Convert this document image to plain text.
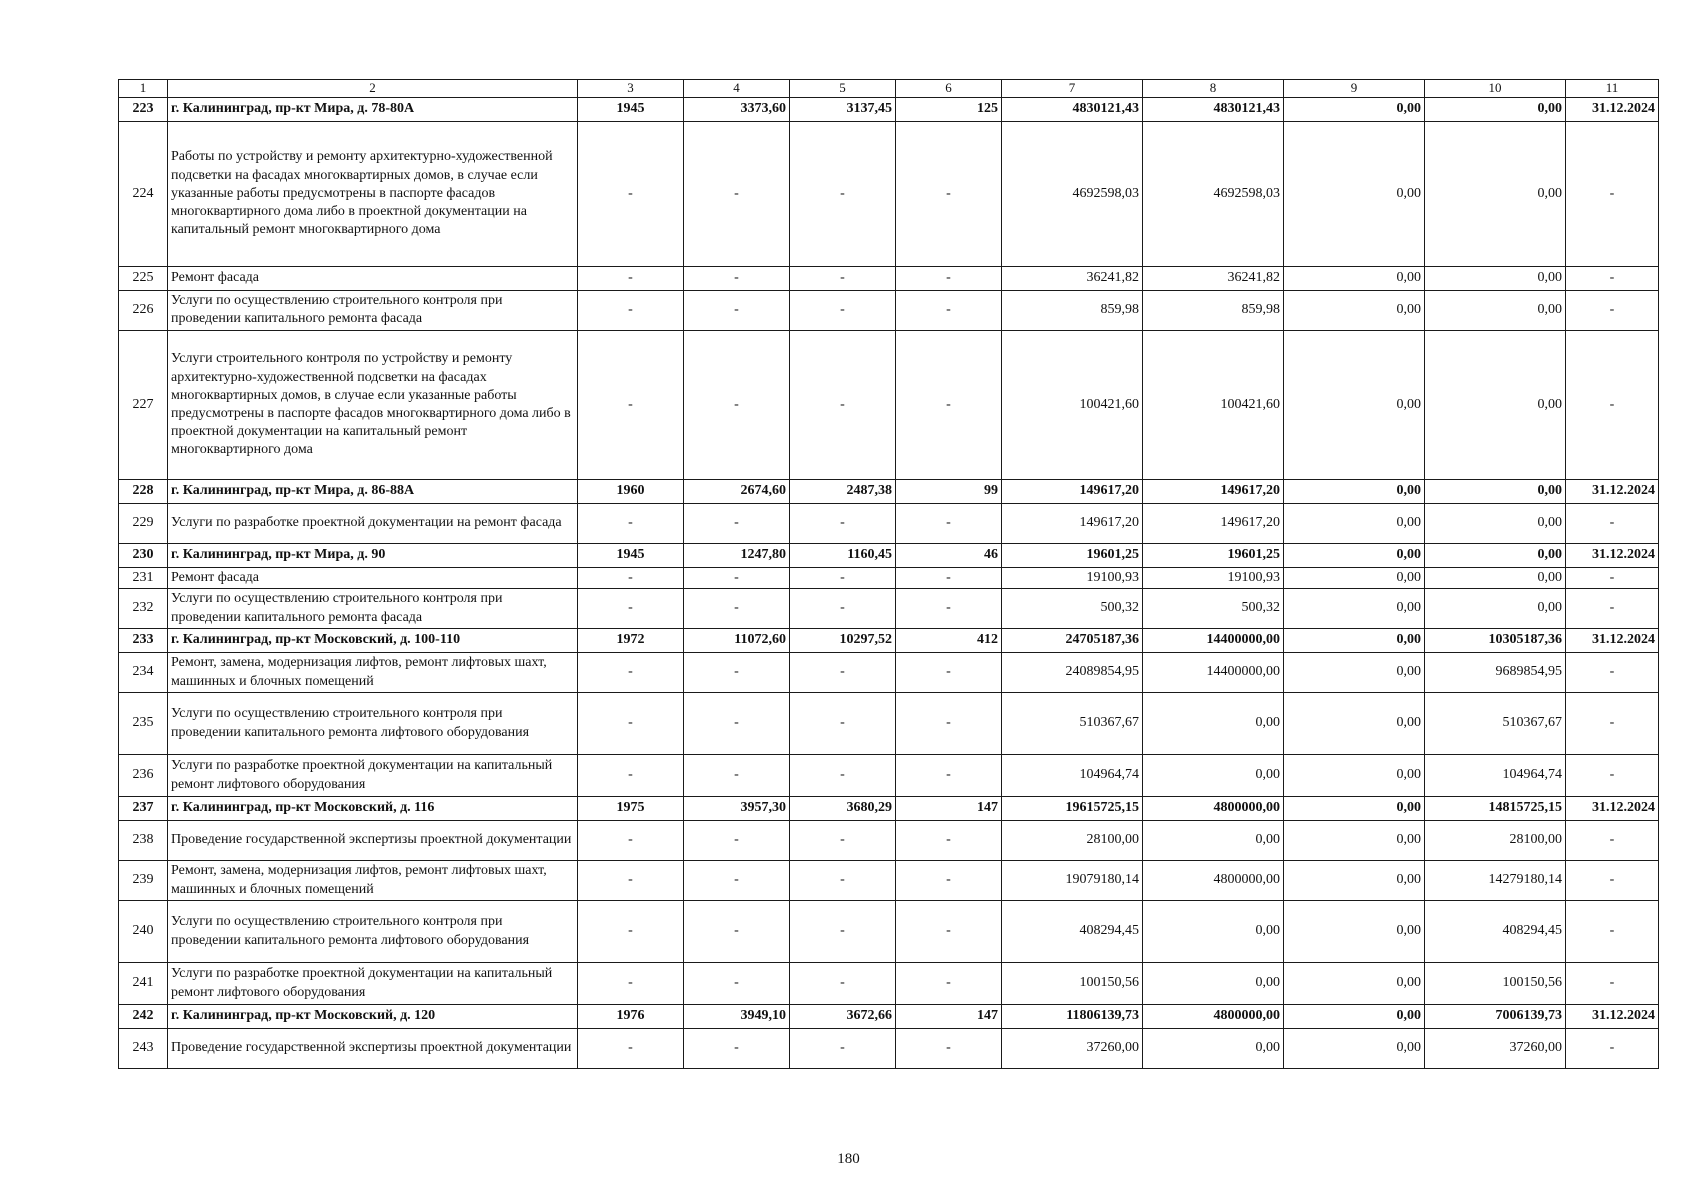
1	2	3	4	5	6	7	8	9	10	11
223	г. Калининград, пр-кт Мира, д. 78-80А	1945	3373,60	3137,45	125	4830121,43	4830121,43	0,00	0,00	31.12.2024
224	Работы по устройству и ремонту архитектурно-художественной подсветки на фасадах многоквартирных домов, в случае если указанные работы предусмотрены в паспорте фасадов многоквартирного дома либо в проектной документации на капитальный ремонт многоквартирного дома	-	-	-	-	4692598,03	4692598,03	0,00	0,00	-
225	Ремонт фасада	-	-	-	-	36241,82	36241,82	0,00	0,00	-
226	Услуги по осуществлению строительного контроля при проведении капитального ремонта фасада	-	-	-	-	859,98	859,98	0,00	0,00	-
227	Услуги строительного контроля по устройству и ремонту архитектурно-художественной подсветки на фасадах многоквартирных домов, в случае если указанные работы предусмотрены в паспорте фасадов многоквартирного дома либо в проектной документации на капитальный ремонт многоквартирного дома	-	-	-	-	100421,60	100421,60	0,00	0,00	-
228	г. Калининград, пр-кт Мира, д. 86-88А	1960	2674,60	2487,38	99	149617,20	149617,20	0,00	0,00	31.12.2024
229	Услуги по разработке проектной документации на ремонт фасада	-	-	-	-	149617,20	149617,20	0,00	0,00	-
230	г. Калининград, пр-кт Мира, д. 90	1945	1247,80	1160,45	46	19601,25	19601,25	0,00	0,00	31.12.2024
231	Ремонт фасада	-	-	-	-	19100,93	19100,93	0,00	0,00	-
232	Услуги по осуществлению строительного контроля при проведении капитального ремонта фасада	-	-	-	-	500,32	500,32	0,00	0,00	-
233	г. Калининград, пр-кт Московский, д. 100-110	1972	11072,60	10297,52	412	24705187,36	14400000,00	0,00	10305187,36	31.12.2024
234	Ремонт, замена, модернизация лифтов, ремонт лифтовых шахт, машинных и блочных помещений	-	-	-	-	24089854,95	14400000,00	0,00	9689854,95	-
235	Услуги по осуществлению строительного контроля при проведении капитального ремонта лифтового оборудования	-	-	-	-	510367,67	0,00	0,00	510367,67	-
236	Услуги по разработке проектной документации на капитальный ремонт лифтового оборудования	-	-	-	-	104964,74	0,00	0,00	104964,74	-
237	г. Калининград, пр-кт Московский, д. 116	1975	3957,30	3680,29	147	19615725,15	4800000,00	0,00	14815725,15	31.12.2024
238	Проведение государственной экспертизы проектной документации	-	-	-	-	28100,00	0,00	0,00	28100,00	-
239	Ремонт, замена, модернизация лифтов, ремонт лифтовых шахт, машинных и блочных помещений	-	-	-	-	19079180,14	4800000,00	0,00	14279180,14	-
240	Услуги по осуществлению строительного контроля при проведении капитального ремонта лифтового оборудования	-	-	-	-	408294,45	0,00	0,00	408294,45	-
241	Услуги по разработке проектной документации на капитальный ремонт лифтового оборудования	-	-	-	-	100150,56	0,00	0,00	100150,56	-
242	г. Калининград, пр-кт Московский, д. 120	1976	3949,10	3672,66	147	11806139,73	4800000,00	0,00	7006139,73	31.12.2024
243	Проведение государственной экспертизы проектной документации	-	-	-	-	37260,00	0,00	0,00	37260,00	-
180
